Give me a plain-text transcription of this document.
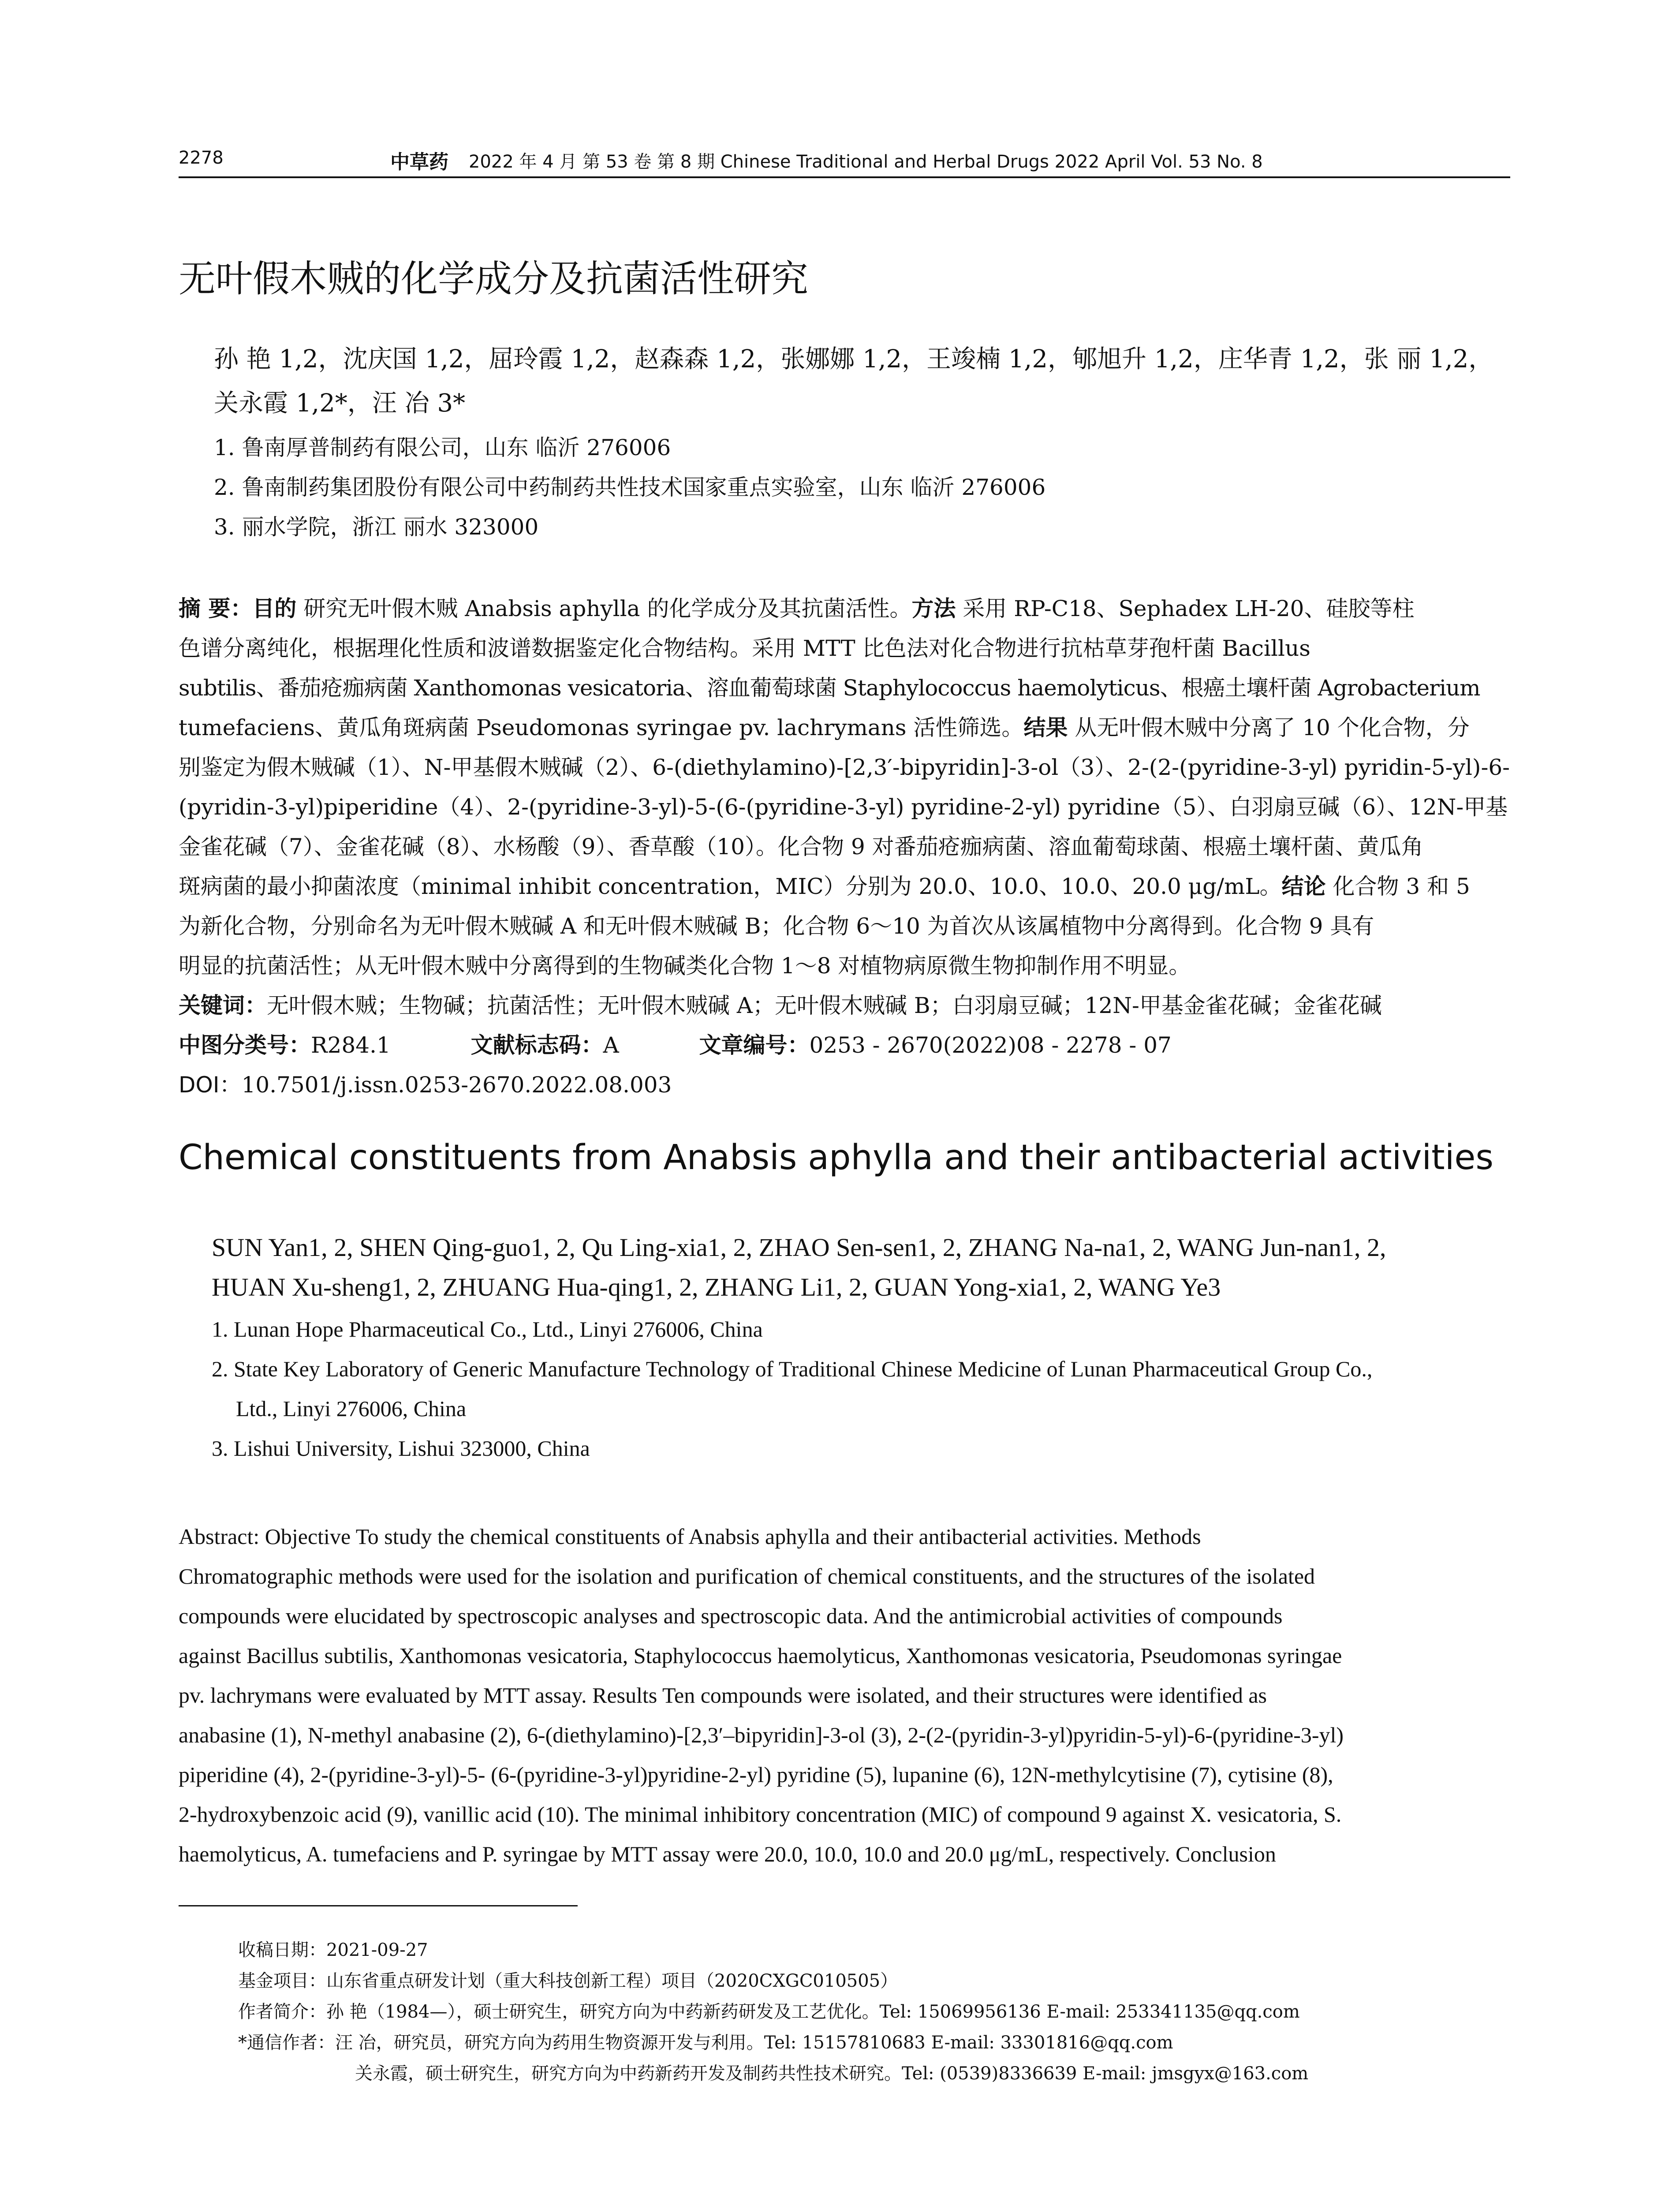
2278	中草药 2022 年 4 月 第 53 卷 第 8 期 Chinese Traditional and Herbal Drugs 2022 April Vol. 53 No. 8
无叶假木贼的化学成分及抗菌活性研究
孙 艳 1,2，沈庆国 1,2，屈玲霞 1,2，赵森森 1,2，张娜娜 1,2，王竣楠 1,2，郇旭升 1,2，庄华青 1,2，张 丽 1,2，
关永霞 1,2*，汪 冶 3*
1. 鲁南厚普制药有限公司，山东 临沂 276006
2. 鲁南制药集团股份有限公司中药制药共性技术国家重点实验室，山东 临沂 276006
3. 丽水学院，浙江 丽水 323000
摘 要：目的 研究无叶假木贼 Anabsis aphylla 的化学成分及其抗菌活性。方法 采用 RP-C18、Sephadex LH-20、硅胶等柱
色谱分离纯化，根据理化性质和波谱数据鉴定化合物结构。采用 MTT 比色法对化合物进行抗枯草芽孢杆菌 Bacillus
subtilis、番茄疮痂病菌 Xanthomonas vesicatoria、溶血葡萄球菌 Staphylococcus haemolyticus、根癌土壤杆菌 Agrobacterium
tumefaciens、黄瓜角斑病菌 Pseudomonas syringae pv. lachrymans 活性筛选。结果 从无叶假木贼中分离了 10 个化合物，分
别鉴定为假木贼碱（1）、N-甲基假木贼碱（2）、6-(diethylamino)-[2,3′-bipyridin]-3-ol（3）、2-(2-(pyridine-3-yl) pyridin-5-yl)-6-
(pyridin-3-yl)piperidine（4）、2-(pyridine-3-yl)-5-(6-(pyridine-3-yl) pyridine-2-yl) pyridine（5）、白羽扇豆碱（6）、12N-甲基
金雀花碱（7）、金雀花碱（8）、水杨酸（9）、香草酸（10）。化合物 9 对番茄疮痂病菌、溶血葡萄球菌、根癌土壤杆菌、黄瓜角
斑病菌的最小抑菌浓度（minimal inhibit concentration，MIC）分别为 20.0、10.0、10.0、20.0 μg/mL。结论 化合物 3 和 5
为新化合物，分别命名为无叶假木贼碱 A 和无叶假木贼碱 B；化合物 6～10 为首次从该属植物中分离得到。化合物 9 具有
明显的抗菌活性；从无叶假木贼中分离得到的生物碱类化合物 1～8 对植物病原微生物抑制作用不明显。
关键词：无叶假木贼；生物碱；抗菌活性；无叶假木贼碱 A；无叶假木贼碱 B；白羽扇豆碱；12N-甲基金雀花碱；金雀花碱
中图分类号：R284.1	文献标志码：A	文章编号：0253 - 2670(2022)08 - 2278 - 07
DOI：10.7501/j.issn.0253-2670.2022.08.003
Chemical constituents from Anabsis aphylla and their antibacterial activities
SUN Yan1, 2, SHEN Qing-guo1, 2, Qu Ling-xia1, 2, ZHAO Sen-sen1, 2, ZHANG Na-na1, 2, WANG Jun-nan1, 2,
HUAN Xu-sheng1, 2, ZHUANG Hua-qing1, 2, ZHANG Li1, 2, GUAN Yong-xia1, 2, WANG Ye3
1. Lunan Hope Pharmaceutical Co., Ltd., Linyi 276006, China
2. State Key Laboratory of Generic Manufacture Technology of Traditional Chinese Medicine of Lunan Pharmaceutical Group Co.,
Ltd., Linyi 276006, China
3. Lishui University, Lishui 323000, China
Abstract: Objective To study the chemical constituents of Anabsis aphylla and their antibacterial activities. Methods
Chromatographic methods were used for the isolation and purification of chemical constituents, and the structures of the isolated
compounds were elucidated by spectroscopic analyses and spectroscopic data. And the antimicrobial activities of compounds
against Bacillus subtilis, Xanthomonas vesicatoria, Staphylococcus haemolyticus, Xanthomonas vesicatoria, Pseudomonas syringae
pv. lachrymans were evaluated by MTT assay. Results Ten compounds were isolated, and their structures were identified as
anabasine (1), N-methyl anabasine (2), 6-(diethylamino)-[2,3′–bipyridin]-3-ol (3), 2-(2-(pyridin-3-yl)pyridin-5-yl)-6-(pyridine-3-yl)
piperidine (4), 2-(pyridine-3-yl)-5- (6-(pyridine-3-yl)pyridine-2-yl) pyridine (5), lupanine (6), 12N-methylcytisine (7), cytisine (8),
2-hydroxybenzoic acid (9), vanillic acid (10). The minimal inhibitory concentration (MIC) of compound 9 against X. vesicatoria, S.
haemolyticus, A. tumefaciens and P. syringae by MTT assay were 20.0, 10.0, 10.0 and 20.0 μg/mL, respectively. Conclusion
收稿日期：2021-09-27
基金项目：山东省重点研发计划（重大科技创新工程）项目（2020CXGC010505）
作者简介：孙 艳（1984—），硕士研究生，研究方向为中药新药研发及工艺优化。Tel: 15069956136 E-mail: 253341135@qq.com
*通信作者：汪 冶，研究员，研究方向为药用生物资源开发与利用。Tel: 15157810683 E-mail: 33301816@qq.com
关永霞，硕士研究生，研究方向为中药新药开发及制药共性技术研究。Tel: (0539)8336639 E-mail: jmsgyx@163.com
